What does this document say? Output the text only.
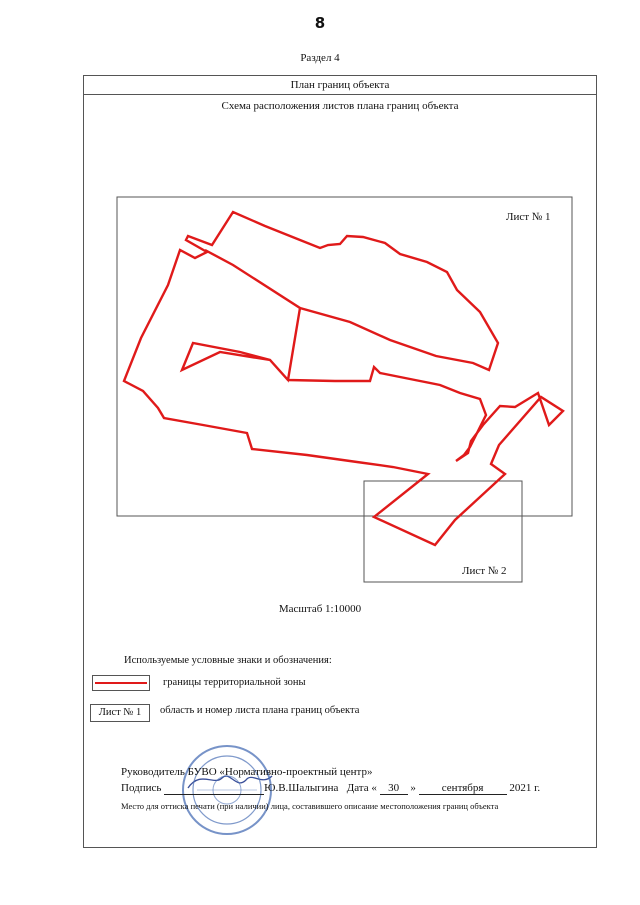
8
Раздел 4
План границ объекта
Схема расположения листов плана границ объекта
Лист № 1
Лист № 2
Масштаб 1:10000
Используемые условные знаки и обозначения:
границы территориальной зоны
Лист № 1	область и номер листа плана границ объекта
Руководитель БУВО «Нормативно-проектный центр»
Подпись	Ю.В.Шалыгина Дата « 30 » сентября 2021 г.
Место для оттиска печати (при наличии) лица, составившего описание местоположения границ объекта
